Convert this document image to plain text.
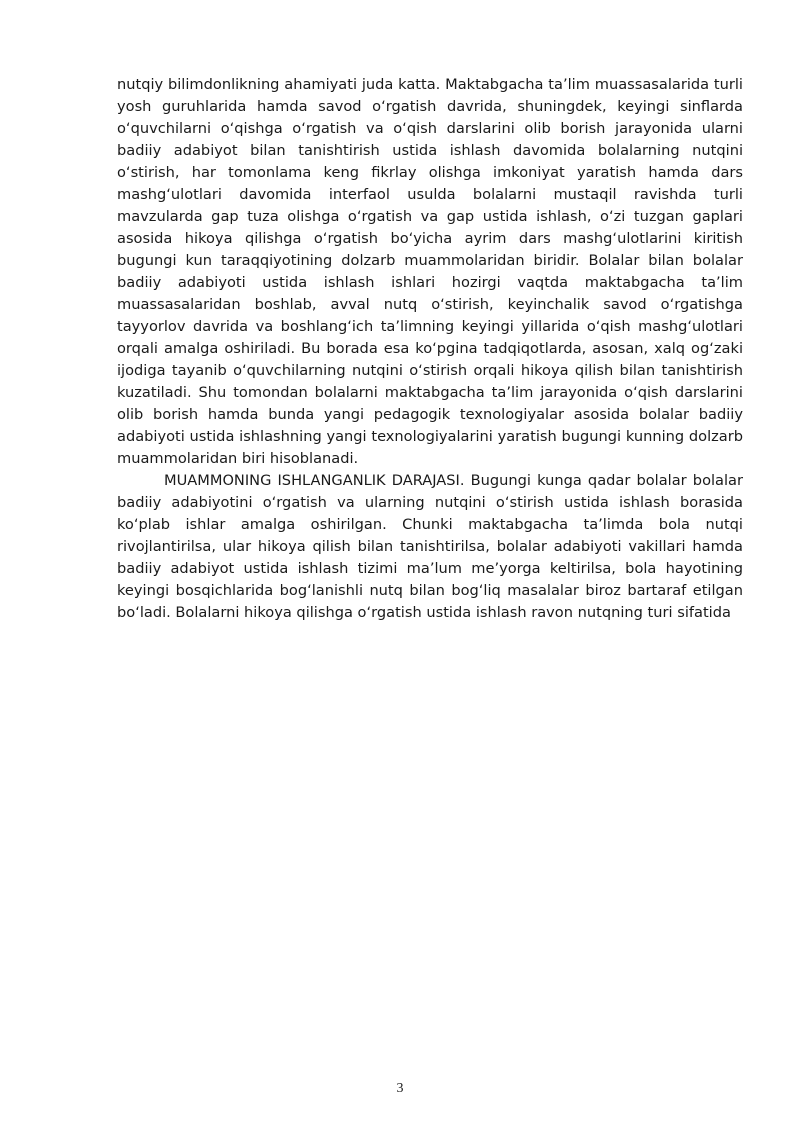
nutqiy bilimdonlikning ahamiyati juda katta. Maktabgacha ta’lim muassasalarida turli yosh guruhlarida hamda savod o‘rgatish davrida, shuningdek, keyingi sinflarda o‘quvchilarni o‘qishga o‘rgatish va o‘qish darslarini olib borish jarayonida ularni badiiy adabiyot bilan tanishtirish ustida ishlash davomida bolalarning nutqini o‘stirish, har tomonlama keng fikrlay olishga imkoniyat yaratish hamda dars mashg‘ulotlari davomida interfaol usulda bolalarni mustaqil ravishda turli mavzularda gap tuza olishga o‘rgatish va gap ustida ishlash, o‘zi tuzgan gaplari asosida hikoya qilishga o‘rgatish bo‘yicha ayrim dars mashg‘ulotlarini kiritish bugungi kun taraqqiyotining dolzarb muammolaridan biridir. Bolalar bilan bolalar badiiy adabiyoti ustida ishlash ishlari hozirgi vaqtda maktabgacha ta’lim muassasalaridan boshlab, avval nutq o‘stirish, keyinchalik savod o‘rgatishga tayyorlov davrida va boshlang‘ich ta’limning keyingi yillarida o‘qish mashg‘ulotlari orqali amalga oshiriladi. Bu borada esa ko‘pgina tadqiqotlarda, asosan, xalq og‘zaki ijodiga tayanib o‘quvchilarning nutqini o‘stirish orqali hikoya qilish bilan tanishtirish kuzatiladi. Shu tomondan bolalarni maktabgacha ta’lim jarayonida o‘qish darslarini olib borish hamda bunda yangi pedagogik texnologiyalar asosida bolalar badiiy adabiyoti ustida ishlashning yangi texnologiyalarini yaratish bugungi kunning dolzarb muammolaridan biri hisoblanadi.

MUAMMONING ISHLANGANLIK DARAJASI. Bugungi kunga qadar bolalar bolalar badiiy adabiyotini o‘rgatish va ularning nutqini o‘stirish ustida ishlash borasida ko‘plab ishlar amalga oshirilgan. Chunki maktabgacha ta’limda bola nutqi rivojlantirilsa, ular hikoya qilish bilan tanishtirilsa, bolalar adabiyoti vakillari hamda badiiy adabiyot ustida ishlash tizimi ma’lum me’yorga keltirilsa, bola hayotining keyingi bosqichlarida bog‘lanishli nutq bilan bog‘liq masalalar biroz bartaraf etilgan bo‘ladi. Bolalarni hikoya qilishga o‘rgatish ustida ishlash ravon nutqning turi sifatida

3
